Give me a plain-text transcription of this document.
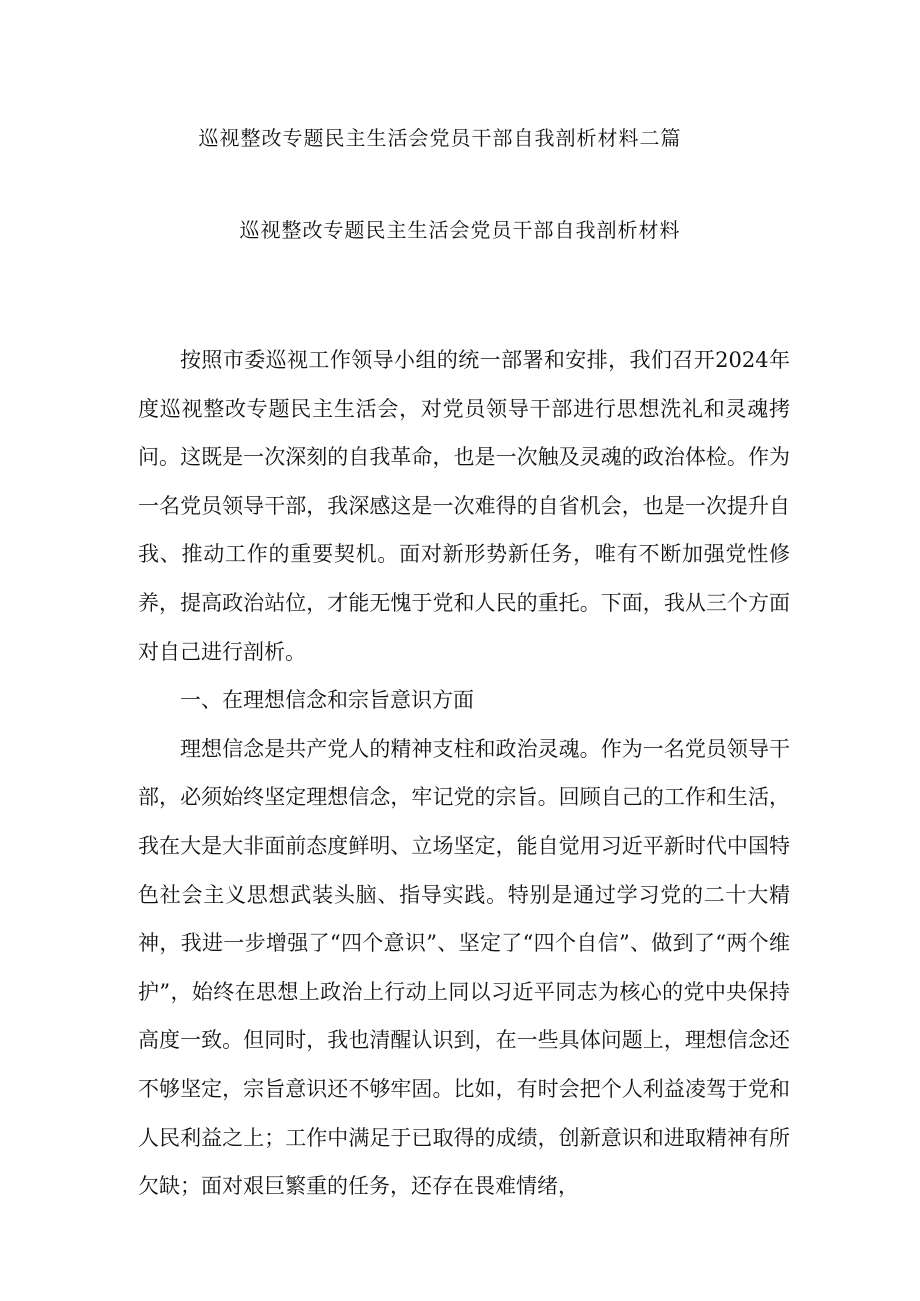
巡视整改专题民主生活会党员干部自我剖析材料二篇
巡视整改专题民主生活会党员干部自我剖析材料

按照市委巡视工作领导小组的统一部署和安排，我们召开2024年度巡视整改专题民主生活会，对党员领导干部进行思想洗礼和灵魂拷问。这既是一次深刻的自我革命，也是一次触及灵魂的政治体检。作为一名党员领导干部，我深感这是一次难得的自省机会，也是一次提升自我、推动工作的重要契机。面对新形势新任务，唯有不断加强党性修养，提高政治站位，才能无愧于党和人民的重托。下面，我从三个方面对自己进行剖析。

一、在理想信念和宗旨意识方面

理想信念是共产党人的精神支柱和政治灵魂。作为一名党员领导干部，必须始终坚定理想信念，牢记党的宗旨。回顾自己的工作和生活，我在大是大非面前态度鲜明、立场坚定，能自觉用习近平新时代中国特色社会主义思想武装头脑、指导实践。特别是通过学习党的二十大精神，我进一步增强了“四个意识”、坚定了“四个自信”、做到了“两个维护”，始终在思想上政治上行动上同以习近平同志为核心的党中央保持高度一致。但同时，我也清醒认识到，在一些具体问题上，理想信念还不够坚定，宗旨意识还不够牢固。比如，有时会把个人利益凌驾于党和人民利益之上；工作中满足于已取得的成绩，创新意识和进取精神有所欠缺；面对艰巨繁重的任务，还存在畏难情绪，
